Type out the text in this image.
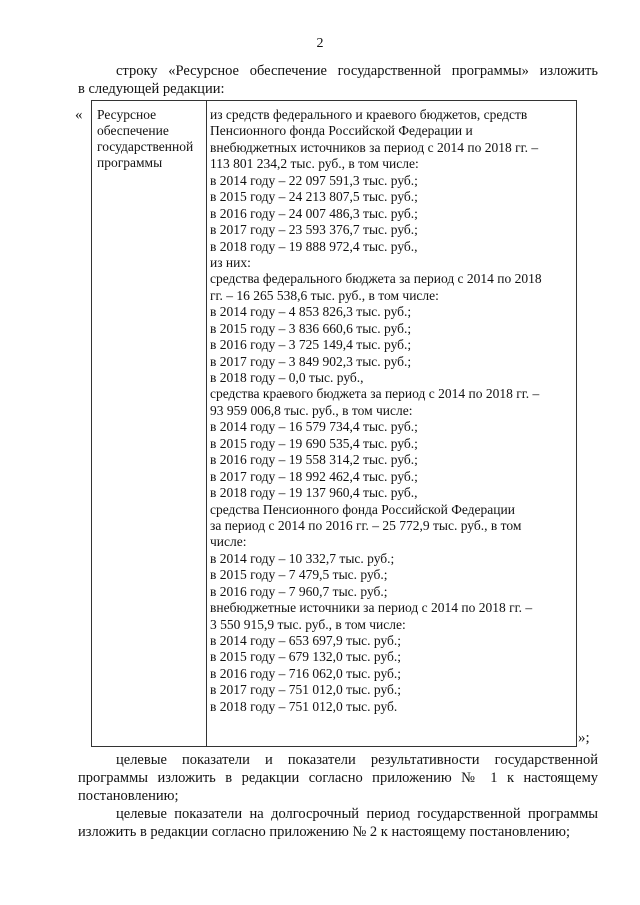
2
строку «Ресурсное обеспечение государственной программы» изложить
в следующей редакции:
« Ресурсное обеспечение государственной программы
из средств федерального и краевого бюджетов, средств
Пенсионного фонда Российской Федерации и
внебюджетных источников за период с 2014 по 2018 гг. –
113 801 234,2 тыс. руб., в том числе:
в 2014 году – 22 097 591,3 тыс. руб.;
в 2015 году – 24 213 807,5 тыс. руб.;
в 2016 году – 24 007 486,3 тыс. руб.;
в 2017 году – 23 593 376,7 тыс. руб.;
в 2018 году – 19 888 972,4 тыс. руб.,
из них:
средства федерального бюджета за период с 2014 по 2018
гг. – 16 265 538,6 тыс. руб., в том числе:
в 2014 году – 4 853 826,3 тыс. руб.;
в 2015 году – 3 836 660,6 тыс. руб.;
в 2016 году – 3 725 149,4 тыс. руб.;
в 2017 году – 3 849 902,3 тыс. руб.;
в 2018 году – 0,0 тыс. руб.,
средства краевого бюджета за период с 2014 по 2018 гг. –
93 959 006,8 тыс. руб., в том числе:
в 2014 году – 16 579 734,4 тыс. руб.;
в 2015 году – 19 690 535,4 тыс. руб.;
в 2016 году – 19 558 314,2 тыс. руб.;
в 2017 году – 18 992 462,4 тыс. руб.;
в 2018 году – 19 137 960,4 тыс. руб.,
средства Пенсионного фонда Российской Федерации
за период с 2014 по 2016 гг. – 25 772,9 тыс. руб., в том
числе:
в 2014 году – 10 332,7 тыс. руб.;
в 2015 году – 7 479,5 тыс. руб.;
в 2016 году – 7 960,7 тыс. руб.;
внебюджетные источники за период с 2014 по 2018 гг. –
3 550 915,9 тыс. руб., в том числе:
в 2014 году – 653 697,9 тыс. руб.;
в 2015 году – 679 132,0 тыс. руб.;
в 2016 году – 716 062,0 тыс. руб.;
в 2017 году – 751 012,0 тыс. руб.;
в 2018 году – 751 012,0 тыс. руб.
»;
целевые показатели и показатели результативности государственной программы изложить в редакции согласно приложению № 1 к настоящему постановлению;
целевые показатели на долгосрочный период государственной программы изложить в редакции согласно приложению № 2 к настоящему постановлению;
